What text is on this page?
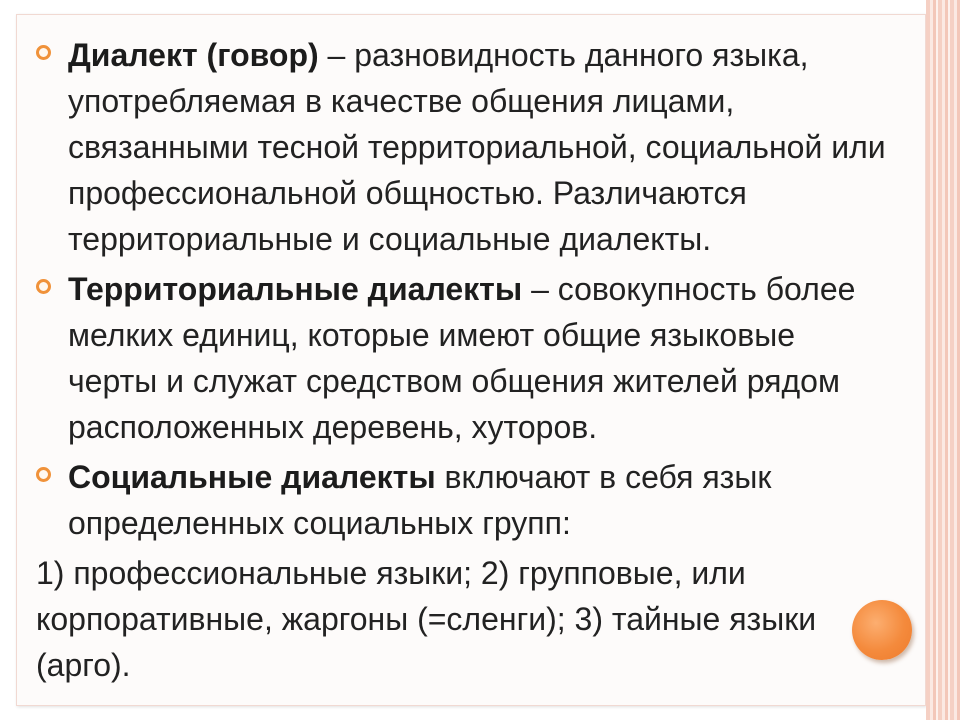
Диалект (говор) – разновидность данного языка, употребляемая в качестве общения лицами, связанными тесной территориальной, социальной или профессиональной общностью. Различаются территориальные и социальные диалекты.
Территориальные диалекты – совокупность более мелких единиц, которые имеют общие языковые черты и служат средством общения жителей рядом расположенных деревень, хуторов.
Социальные диалекты включают в себя язык определенных социальных групп:
1) профессиональные языки; 2) групповые, или корпоративные, жаргоны (=сленги); 3) тайные языки (арго).
